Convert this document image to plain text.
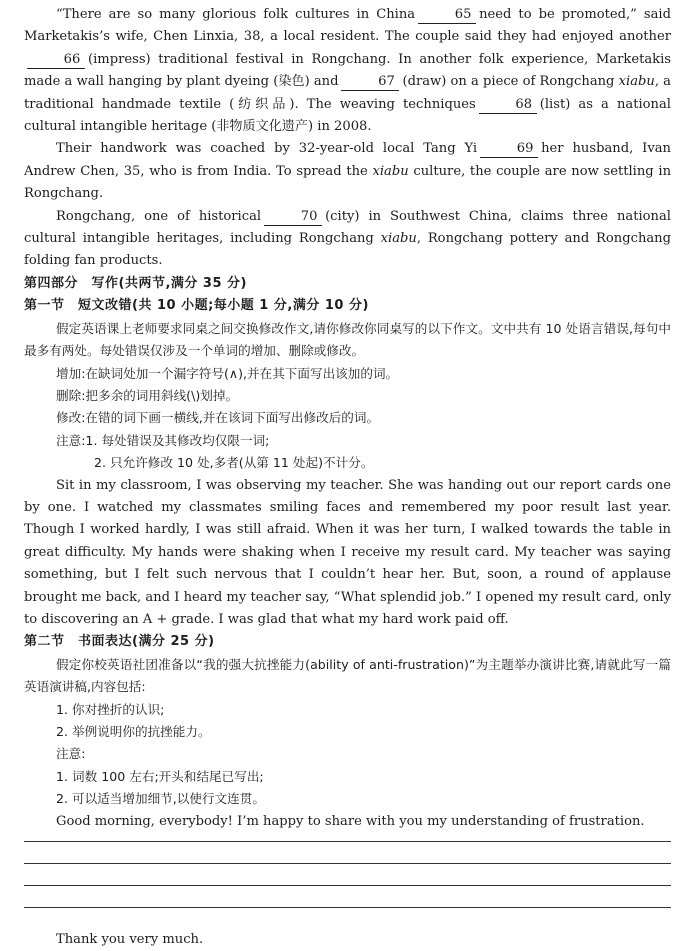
“There are so many glorious folk cultures in China	65 need to be promoted,” said Marketakis’s wife, Chen Linxia, 38, a local resident. The couple said they had enjoyed another66 (impress) traditional festival in Rongchang. In another folk experience, Marketakis made a wall hanging by plant dyeing (染色) and	67 (draw) on a piece of Rongchang xiabu, a traditional handmade textile (纺织品). The weaving techniques	68 (list) as a national cultural intangible heritage (非物质文化遗产) in 2008.
Their handwork was coached by 32-year-old local Tang Yi	69 her husband, Ivan Andrew Chen, 35, who is from India. To spread the xiabu culture, the couple are now settling in Rongchang.
Rongchang, one of historical	70 (city) in Southwest China, claims three national cultural intangible heritages, including Rongchang xiabu, Rongchang pottery and Rongchang folding fan products.
第四部分　写作(共两节,满分 35 分)
第一节　短文改错(共 10 小题;每小题 1 分,满分 10 分)
假定英语课上老师要求同桌之间交换修改作文,请你修改你同桌写的以下作文。文中共有 10 处语言错误,每句中最多有两处。每处错误仅涉及一个单词的增加、删除或修改。
增加:在缺词处加一个漏字符号(∧),并在其下面写出该加的词。
删除:把多余的词用斜线(\)划掉。
修改:在错的词下画一横线,并在该词下面写出修改后的词。
注意:1. 每处错误及其修改均仅限一词;
2. 只允许修改 10 处,多者(从第 11 处起)不计分。
Sit in my classroom, I was observing my teacher. She was handing out our report cards one by one. I watched my classmates smiling faces and remembered my poor result last year. Though I worked hardly, I was still afraid. When it was her turn, I walked towards the table in great difficulty. My hands were shaking when I receive my result card. My teacher was saying something, but I felt such nervous that I couldn’t hear her. But, soon, a round of applause brought me back, and I heard my teacher say, “What splendid job.” I opened my result card, only to discovering an A + grade. I was glad that what my hard work paid off.
第二节　书面表达(满分 25 分)
假定你校英语社团准备以“我的强大抗挫能力(ability of anti-frustration)”为主题举办演讲比赛,请就此写一篇英语演讲稿,内容包括:
1. 你对挫折的认识;
2. 举例说明你的抗挫能力。
注意:
1. 词数 100 左右;开头和结尾已写出;
2. 可以适当增加细节,以使行文连贯。
Good morning, everybody! I’m happy to share with you my understanding of frustration.
Thank you very much.
